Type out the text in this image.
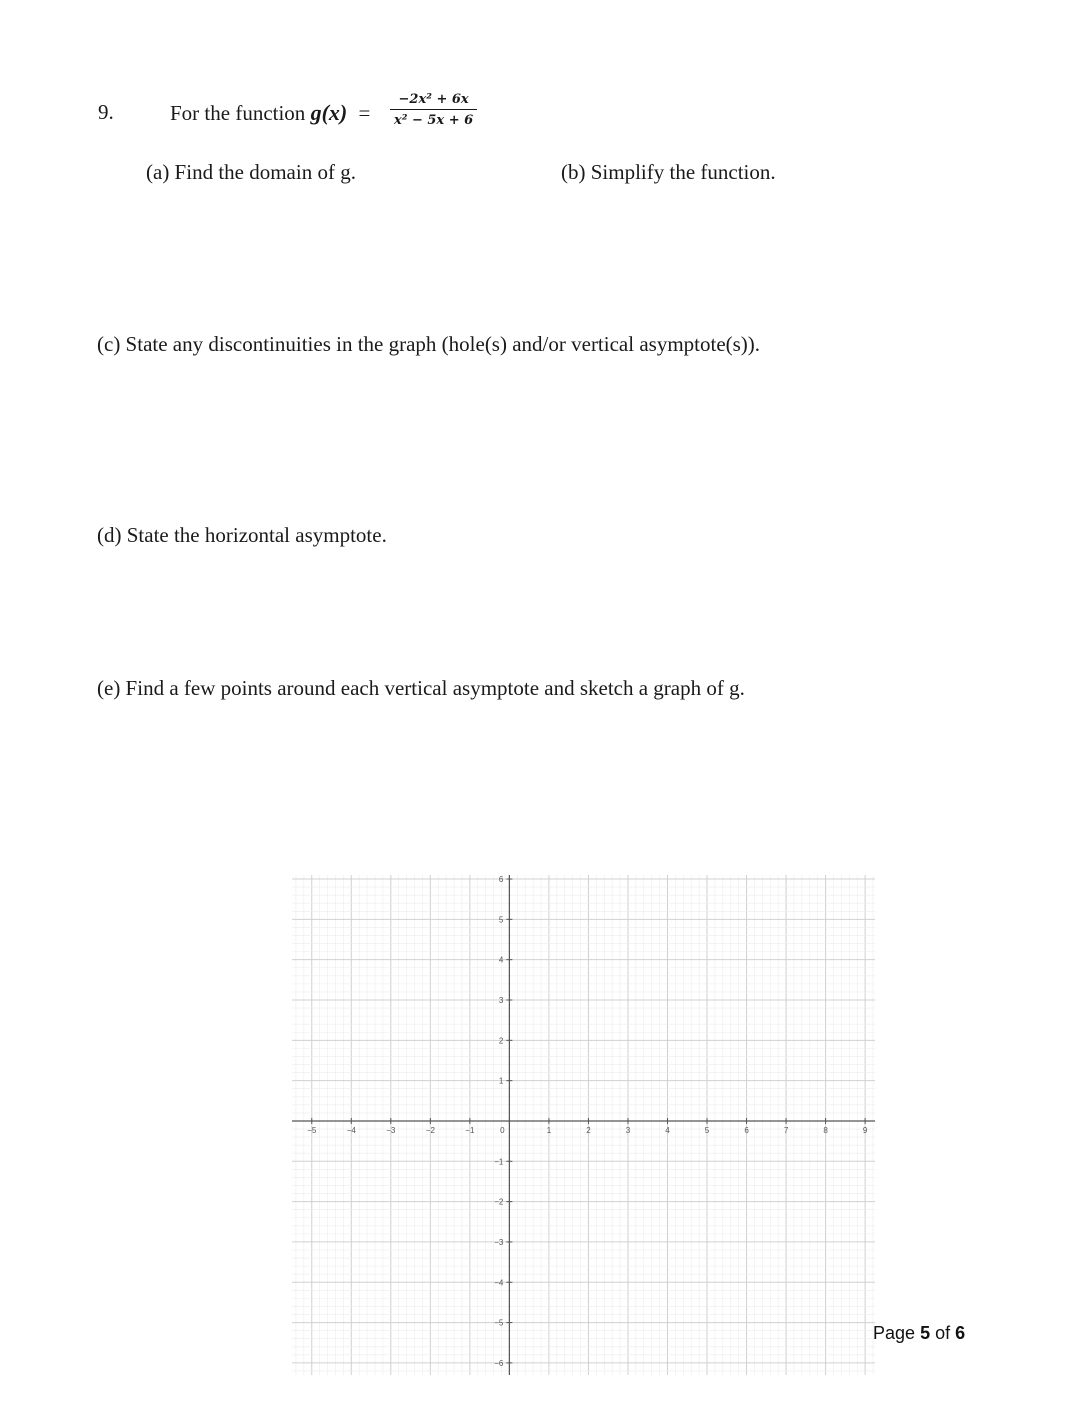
9.	For the function g(x) =
−2x² + 6x
x² − 5x + 6
(a) Find the domain of g.	(b) Simplify the function.
(c) State any discontinuities in the graph (hole(s) and/or vertical asymptote(s)).
(d) State the horizontal asymptote.
(e) Find a few points around each vertical asymptote and sketch a graph of g.
−5	−4	−3	−2	−1	0	1	2	3	4	5	6	7	8	9
6
5
4
3
2
1
−1
−2
−3
−4
−5
−6
Page 5 of 6
